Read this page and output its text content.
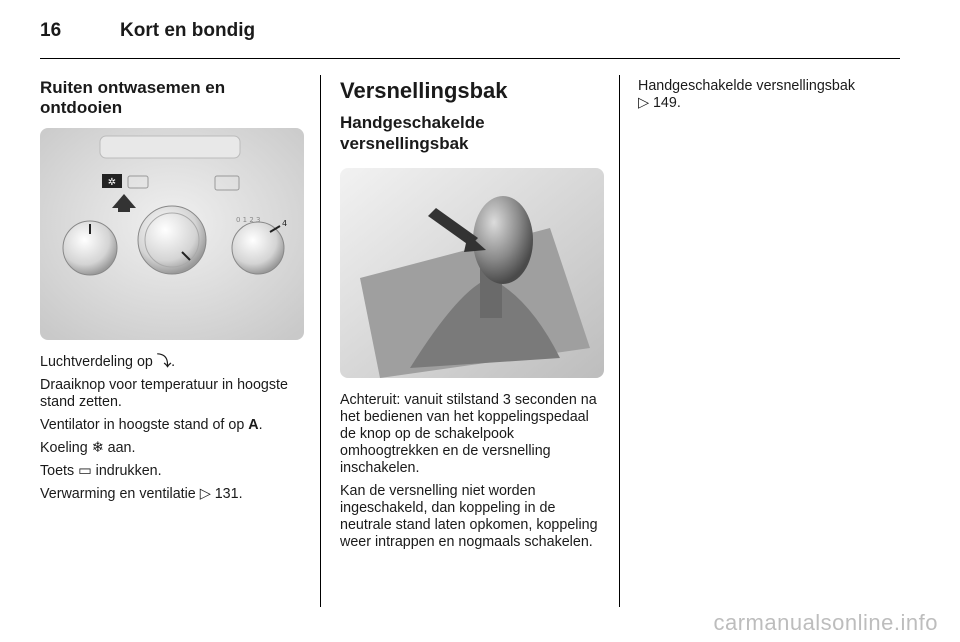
16	Kort en bondig
Ruiten ontwasemen en ontdooien
✲
4
0 1 2 3

Luchtverdeling op ⤵.

Draaiknop voor temperatuur in hoogste stand zetten.

Ventilator in hoogste stand of op A.

Koeling ❄ aan.

Toets ▭ indrukken.

Verwarming en ventilatie ▷ 131.

Versnellingsbak
Handgeschakelde versnellingsbak

Achteruit: vanuit stilstand 3 seconden na het bedienen van het koppelingspedaal de knop op de schakelpook omhoogtrekken en de versnelling inschakelen.

Kan de versnelling niet worden ingeschakeld, dan koppeling in de neutrale stand laten opkomen, koppeling weer intrappen en nogmaals schakelen.

Handgeschakelde versnellingsbak
▷ 149.

carmanualsonline.info
